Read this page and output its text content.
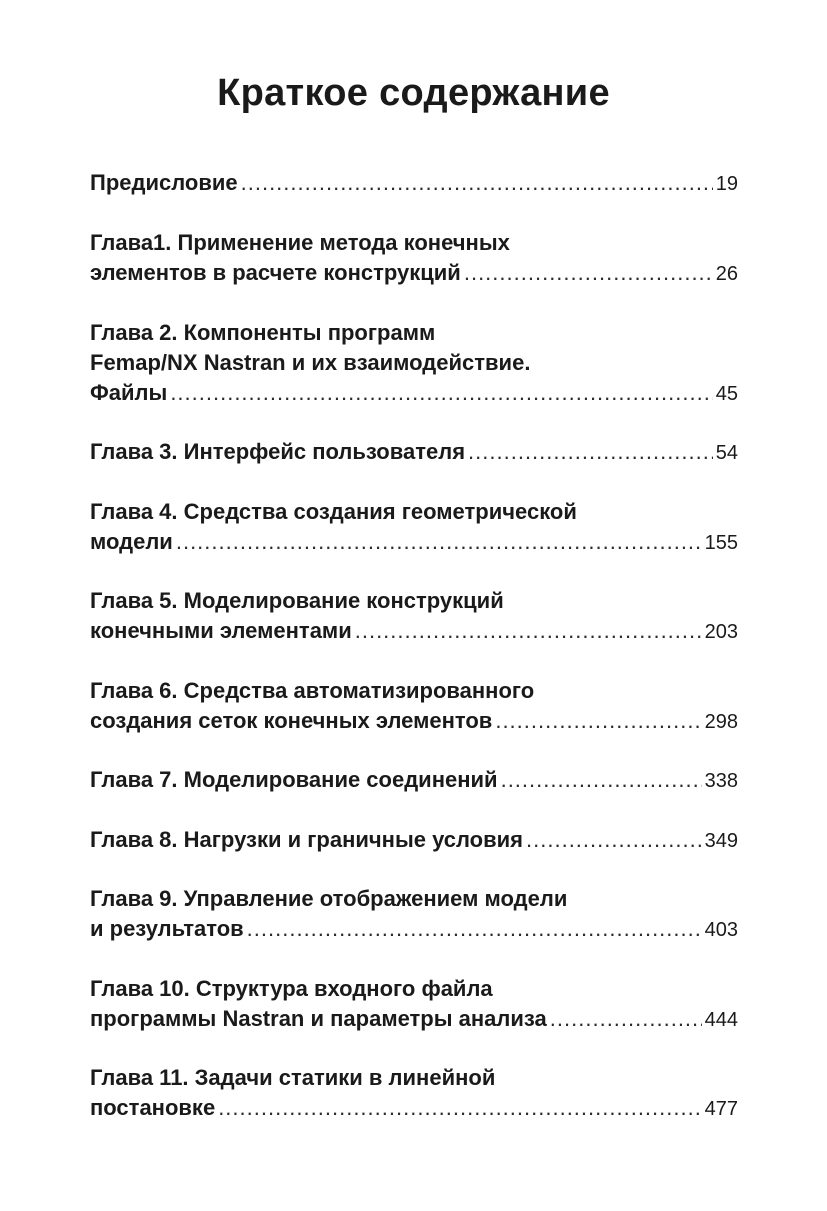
Краткое содержание
Предисловие .....	19
Глава1. Применение метода конечных
элементов в расчете конструкций .....	26
Глава 2. Компоненты программ
Femap/NX Nastran и их взаимодействие.
Файлы .....	45
Глава 3. Интерфейс пользователя .....	54
Глава 4. Средства создания геометрической
модели .....	155
Глава 5. Моделирование конструкций
конечными элементами .....	203
Глава 6. Средства автоматизированного
создания сеток конечных элементов .....	298
Глава 7. Моделирование соединений .....	338
Глава 8. Нагрузки и граничные условия .....	349
Глава 9. Управление отображением модели
и результатов .....	403
Глава 10. Структура входного файла
программы Nastran и параметры анализа .....	444
Глава 11. Задачи статики в линейной
постановке .....	477
